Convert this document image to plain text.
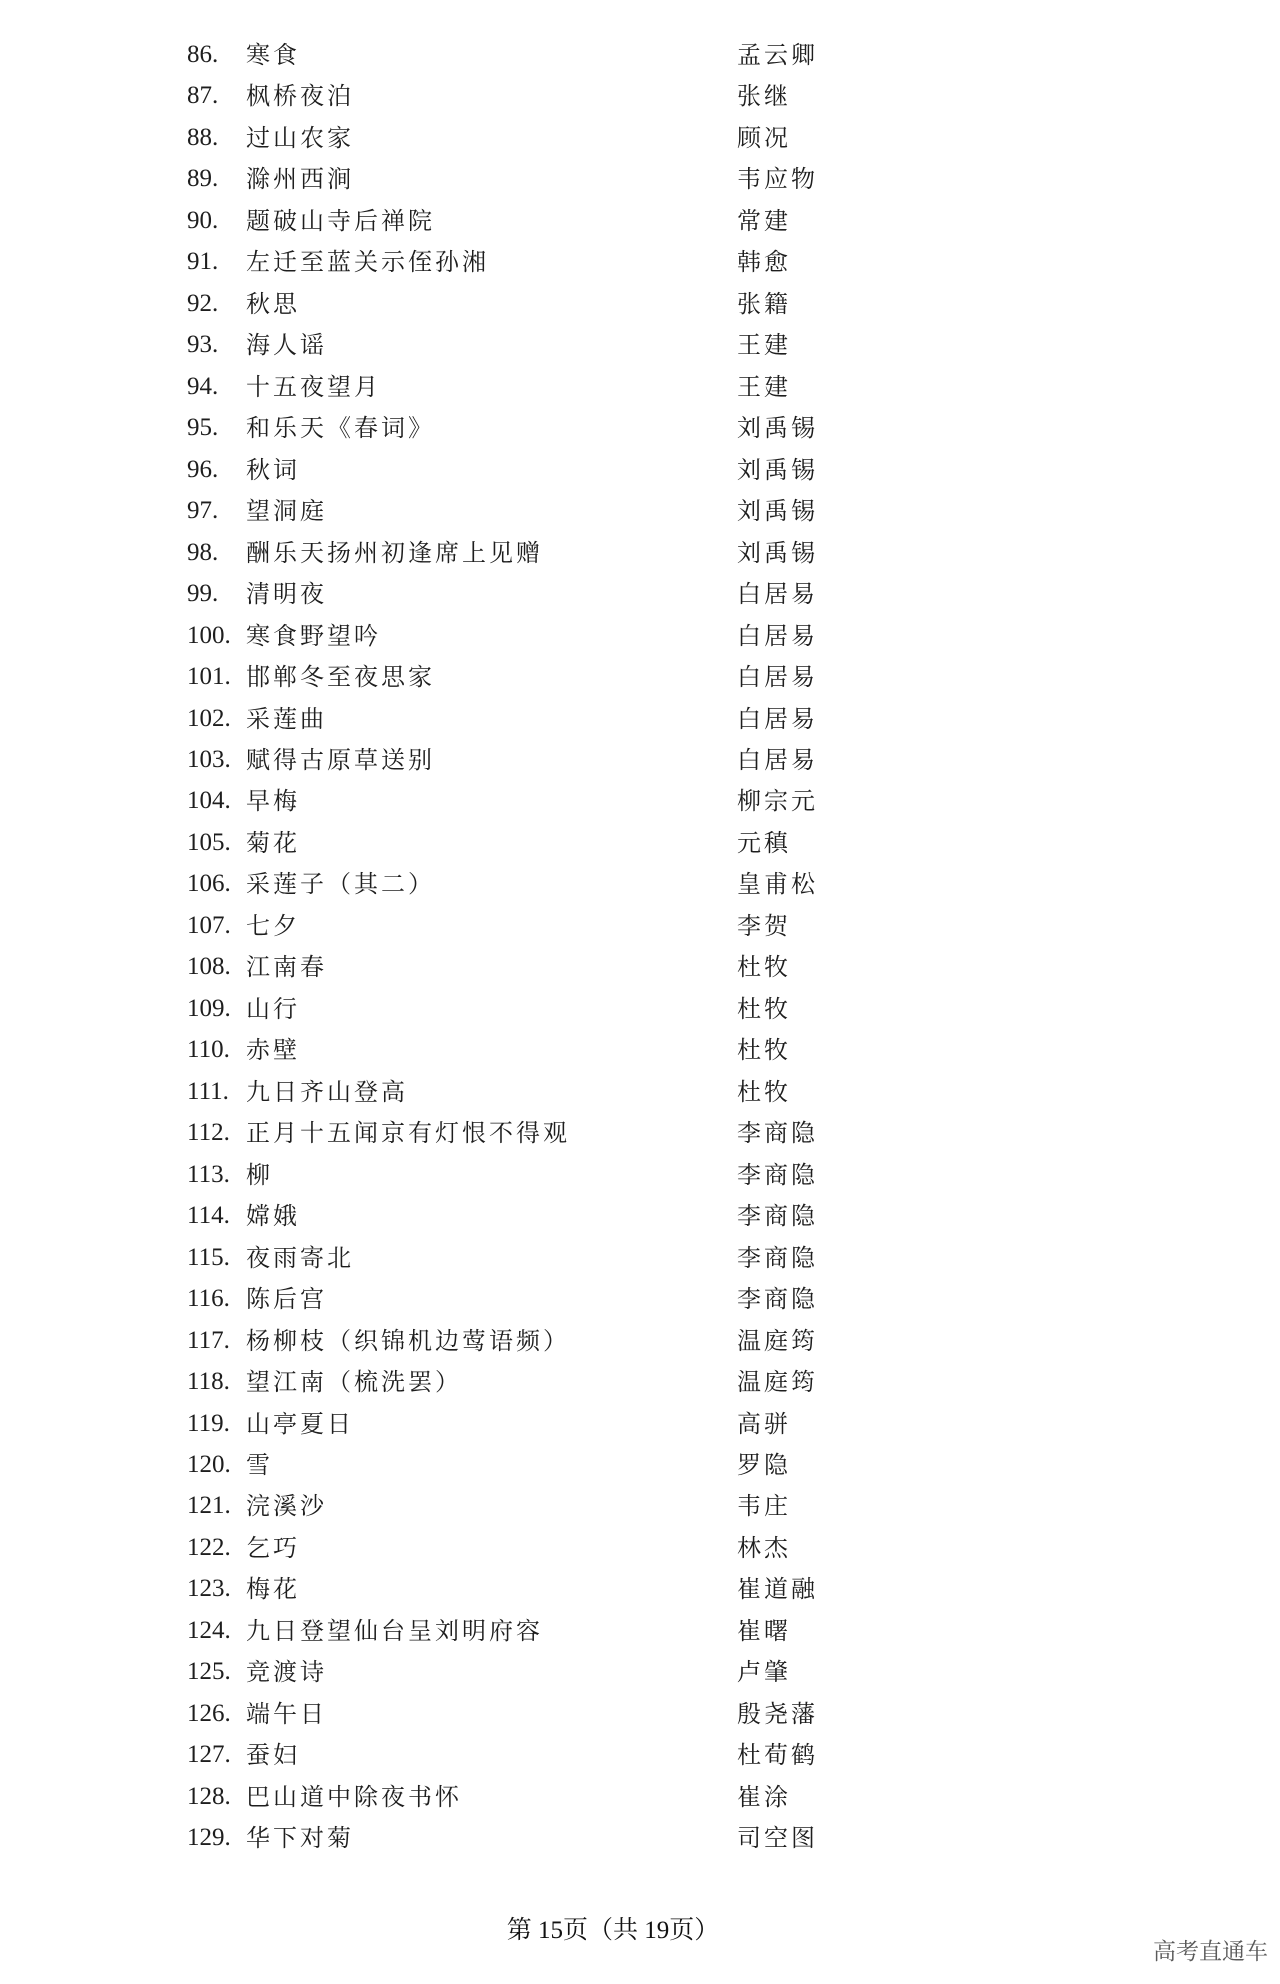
86. 寒食	孟云卿
87. 枫桥夜泊	张继
88. 过山农家	顾况
89. 滁州西涧	韦应物
90. 题破山寺后禅院	常建
91. 左迁至蓝关示侄孙湘	韩愈
92. 秋思	张籍
93. 海人谣	王建
94. 十五夜望月	王建
95. 和乐天《春词》	刘禹锡
96. 秋词	刘禹锡
97. 望洞庭	刘禹锡
98. 酬乐天扬州初逢席上见赠	刘禹锡
99. 清明夜	白居易
100. 寒食野望吟	白居易
101. 邯郸冬至夜思家	白居易
102. 采莲曲	白居易
103. 赋得古原草送别	白居易
104. 早梅	柳宗元
105. 菊花	元稹
106. 采莲子（其二）	皇甫松
107. 七夕	李贺
108. 江南春	杜牧
109. 山行	杜牧
110. 赤壁	杜牧
111. 九日齐山登高	杜牧
112. 正月十五闻京有灯恨不得观	李商隐
113. 柳	李商隐
114. 嫦娥	李商隐
115. 夜雨寄北	李商隐
116. 陈后宫	李商隐
117. 杨柳枝（织锦机边莺语频）	温庭筠
118. 望江南（梳洗罢）	温庭筠
119. 山亭夏日	高骈
120. 雪	罗隐
121. 浣溪沙	韦庄
122. 乞巧	林杰
123. 梅花	崔道融
124. 九日登望仙台呈刘明府容	崔曙
125. 竞渡诗	卢肇
126. 端午日	殷尧藩
127. 蚕妇	杜荀鹤
128. 巴山道中除夜书怀	崔涂
129. 华下对菊	司空图
第 15页（共 19页）
高考直通车
